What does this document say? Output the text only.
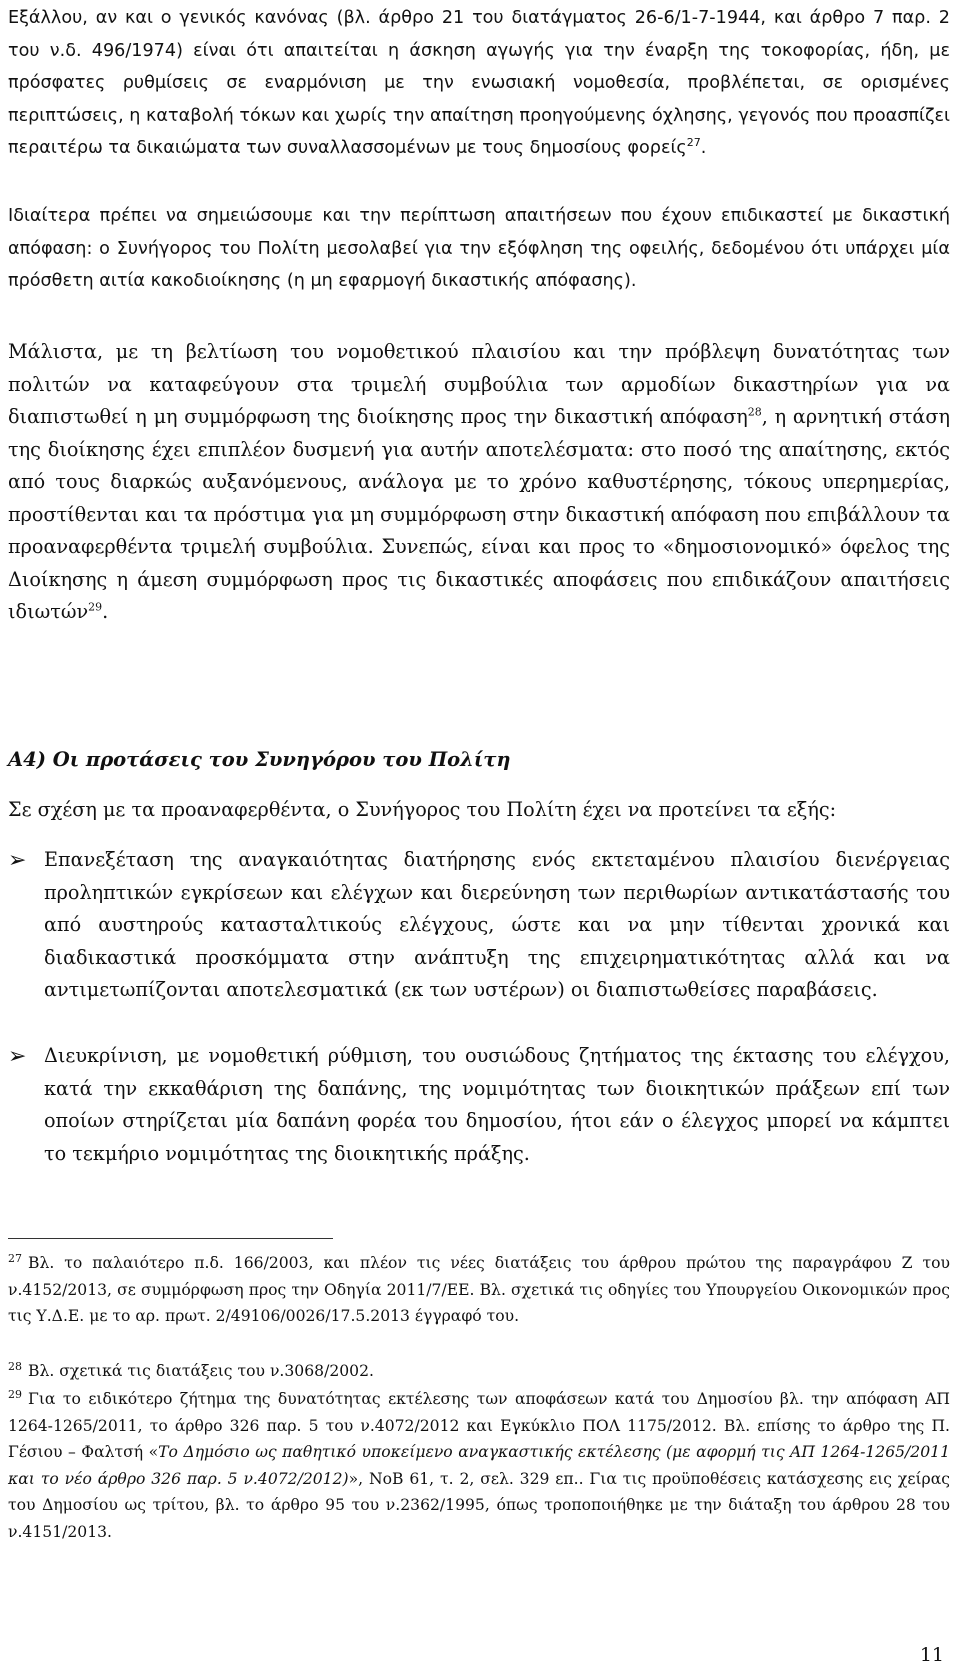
Εξάλλου, αν και ο γενικός κανόνας (βλ. άρθρο 21 του διατάγματος 26-6/1-7-1944, και άρθρο 7 παρ. 2 του ν.δ. 496/1974) είναι ότι απαιτείται η άσκηση αγωγής για την έναρξη της τοκοφορίας, ήδη, με πρόσφατες ρυθμίσεις σε εναρμόνιση με την ενωσιακή νομοθεσία, προβλέπεται, σε ορισμένες περιπτώσεις, η καταβολή τόκων και χωρίς την απαίτηση προηγούμενης όχλησης, γεγονός που προασπίζει περαιτέρω τα δικαιώματα των συναλλασσομένων με τους δημοσίους φορείς$^{27}$.

Ιδιαίτερα πρέπει να σημειώσουμε και την περίπτωση απαιτήσεων που έχουν επιδικαστεί με δικαστική απόφαση: ο Συνήγορος του Πολίτη μεσολαβεί για την εξόφληση της οφειλής, δεδομένου ότι υπάρχει μία πρόσθετη αιτία κακοδιοίκησης (η μη εφαρμογή δικαστικής απόφασης).

Μάλιστα, με τη βελτίωση του νομοθετικού πλαισίου και την πρόβλεψη δυνατότητας των πολιτών να καταφεύγουν στα τριμελή συμβούλια των αρμοδίων δικαστηρίων για να διαπιστωθεί η μη συμμόρφωση της διοίκησης προς την δικαστική απόφαση$^{28}$, η αρνητική στάση της διοίκησης έχει επιπλέον δυσμενή για αυτήν αποτελέσματα: στο ποσό της απαίτησης, εκτός από τους διαρκώς αυξανόμενους, ανάλογα με το χρόνο καθυστέρησης, τόκους υπερημερίας, προστίθενται και τα πρόστιμα για μη συμμόρφωση στην δικαστική απόφαση που επιβάλλουν τα προαναφερθέντα τριμελή συμβούλια. Συνεπώς, είναι και προς το «δημοσιονομικό» όφελος της Διοίκησης η άμεση συμμόρφωση προς τις δικαστικές αποφάσεις που επιδικάζουν απαιτήσεις ιδιωτών$^{29}$.

Α4) Οι προτάσεις του Συνηγόρου του Πολίτη

Σε σχέση με τα προαναφερθέντα, ο Συνήγορος του Πολίτη έχει να προτείνει τα εξής:

➢ Επανεξέταση της αναγκαιότητας διατήρησης ενός εκτεταμένου πλαισίου διενέργειας προληπτικών εγκρίσεων και ελέγχων και διερεύνηση των περιθωρίων αντικατάστασής του από αυστηρούς κατασταλτικούς ελέγχους, ώστε και να μην τίθενται χρονικά και διαδικαστικά προσκόμματα στην ανάπτυξη της επιχειρηματικότητας αλλά και να αντιμετωπίζονται αποτελεσματικά (εκ των υστέρων) οι διαπιστωθείσες παραβάσεις.

➢ Διευκρίνιση, με νομοθετική ρύθμιση, του ουσιώδους ζητήματος της έκτασης του ελέγχου, κατά την εκκαθάριση της δαπάνης, της νομιμότητας των διοικητικών πράξεων επί των οποίων στηρίζεται μία δαπάνη φορέα του δημοσίου, ήτοι εάν ο έλεγχος μπορεί να κάμπτει το τεκμήριο νομιμότητας της διοικητικής πράξης.

$^{27}$ Βλ. το παλαιότερο π.δ. 166/2003, και πλέον τις νέες διατάξεις του άρθρου πρώτου της παραγράφου Ζ του ν.4152/2013, σε συμμόρφωση προς την Οδηγία 2011/7/ΕΕ. Βλ. σχετικά τις οδηγίες του Υπουργείου Οικονομικών προς τις Υ.Δ.Ε. με το αρ. πρωτ. 2/49106/0026/17.5.2013 έγγραφό του.

$^{28}$ Βλ. σχετικά τις διατάξεις του ν.3068/2002.

$^{29}$ Για το ειδικότερο ζήτημα της δυνατότητας εκτέλεσης των αποφάσεων κατά του Δημοσίου βλ. την απόφαση ΑΠ 1264-1265/2011, το άρθρο 326 παρ. 5 του ν.4072/2012 και Εγκύκλιο ΠΟΛ 1175/2012. Βλ. επίσης το άρθρο της Π. Γέσιου – Φαλτσή «Το Δημόσιο ως παθητικό υποκείμενο αναγκαστικής εκτέλεσης (με αφορμή τις ΑΠ 1264-1265/2011 και το νέο άρθρο 326 παρ. 5 ν.4072/2012)», ΝοΒ 61, τ. 2, σελ. 329 επ.. Για τις προϋποθέσεις κατάσχεσης εις χείρας του Δημοσίου ως τρίτου, βλ. το άρθρο 95 του ν.2362/1995, όπως τροποποιήθηκε με την διάταξη του άρθρου 28 του ν.4151/2013.

11
